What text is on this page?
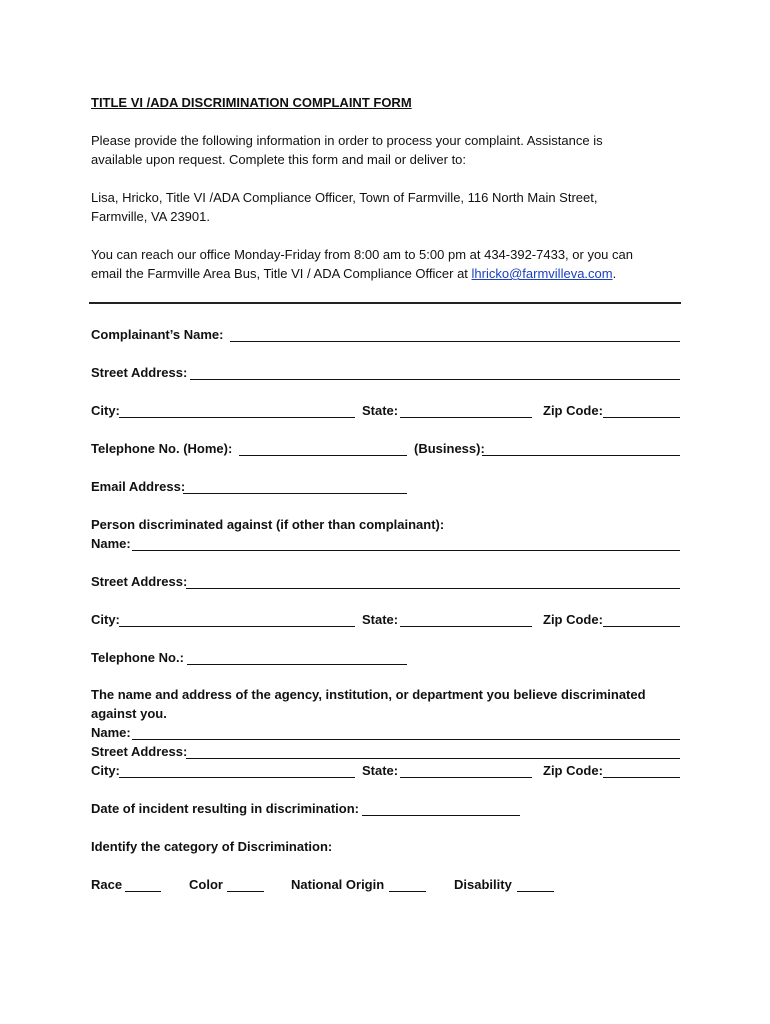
TITLE VI /ADA DISCRIMINATION COMPLAINT FORM
Please provide the following information in order to process your complaint. Assistance is
available upon request. Complete this form and mail or deliver to:
Lisa, Hricko, Title VI /ADA Compliance Officer, Town of Farmville, 116 North Main Street,
Farmville, VA 23901.
You can reach our office Monday-Friday from 8:00 am to 5:00 pm at 434-392-7433, or you can
email the Farmville Area Bus, Title VI / ADA Compliance Officer at lhricko@farmvilleva.com.
Complainant’s Name:
Street Address:
City:	State:	Zip Code:
Telephone No. (Home):	(Business):
Email Address:
Person discriminated against (if other than complainant):
Name:
Street Address:
City:	State:	Zip Code:
Telephone No.:
The name and address of the agency, institution, or department you believe discriminated
against you.
Name:
Street Address:
City:	State:	Zip Code:
Date of incident resulting in discrimination:
Identify the category of Discrimination:
Race	Color	National Origin	Disability
